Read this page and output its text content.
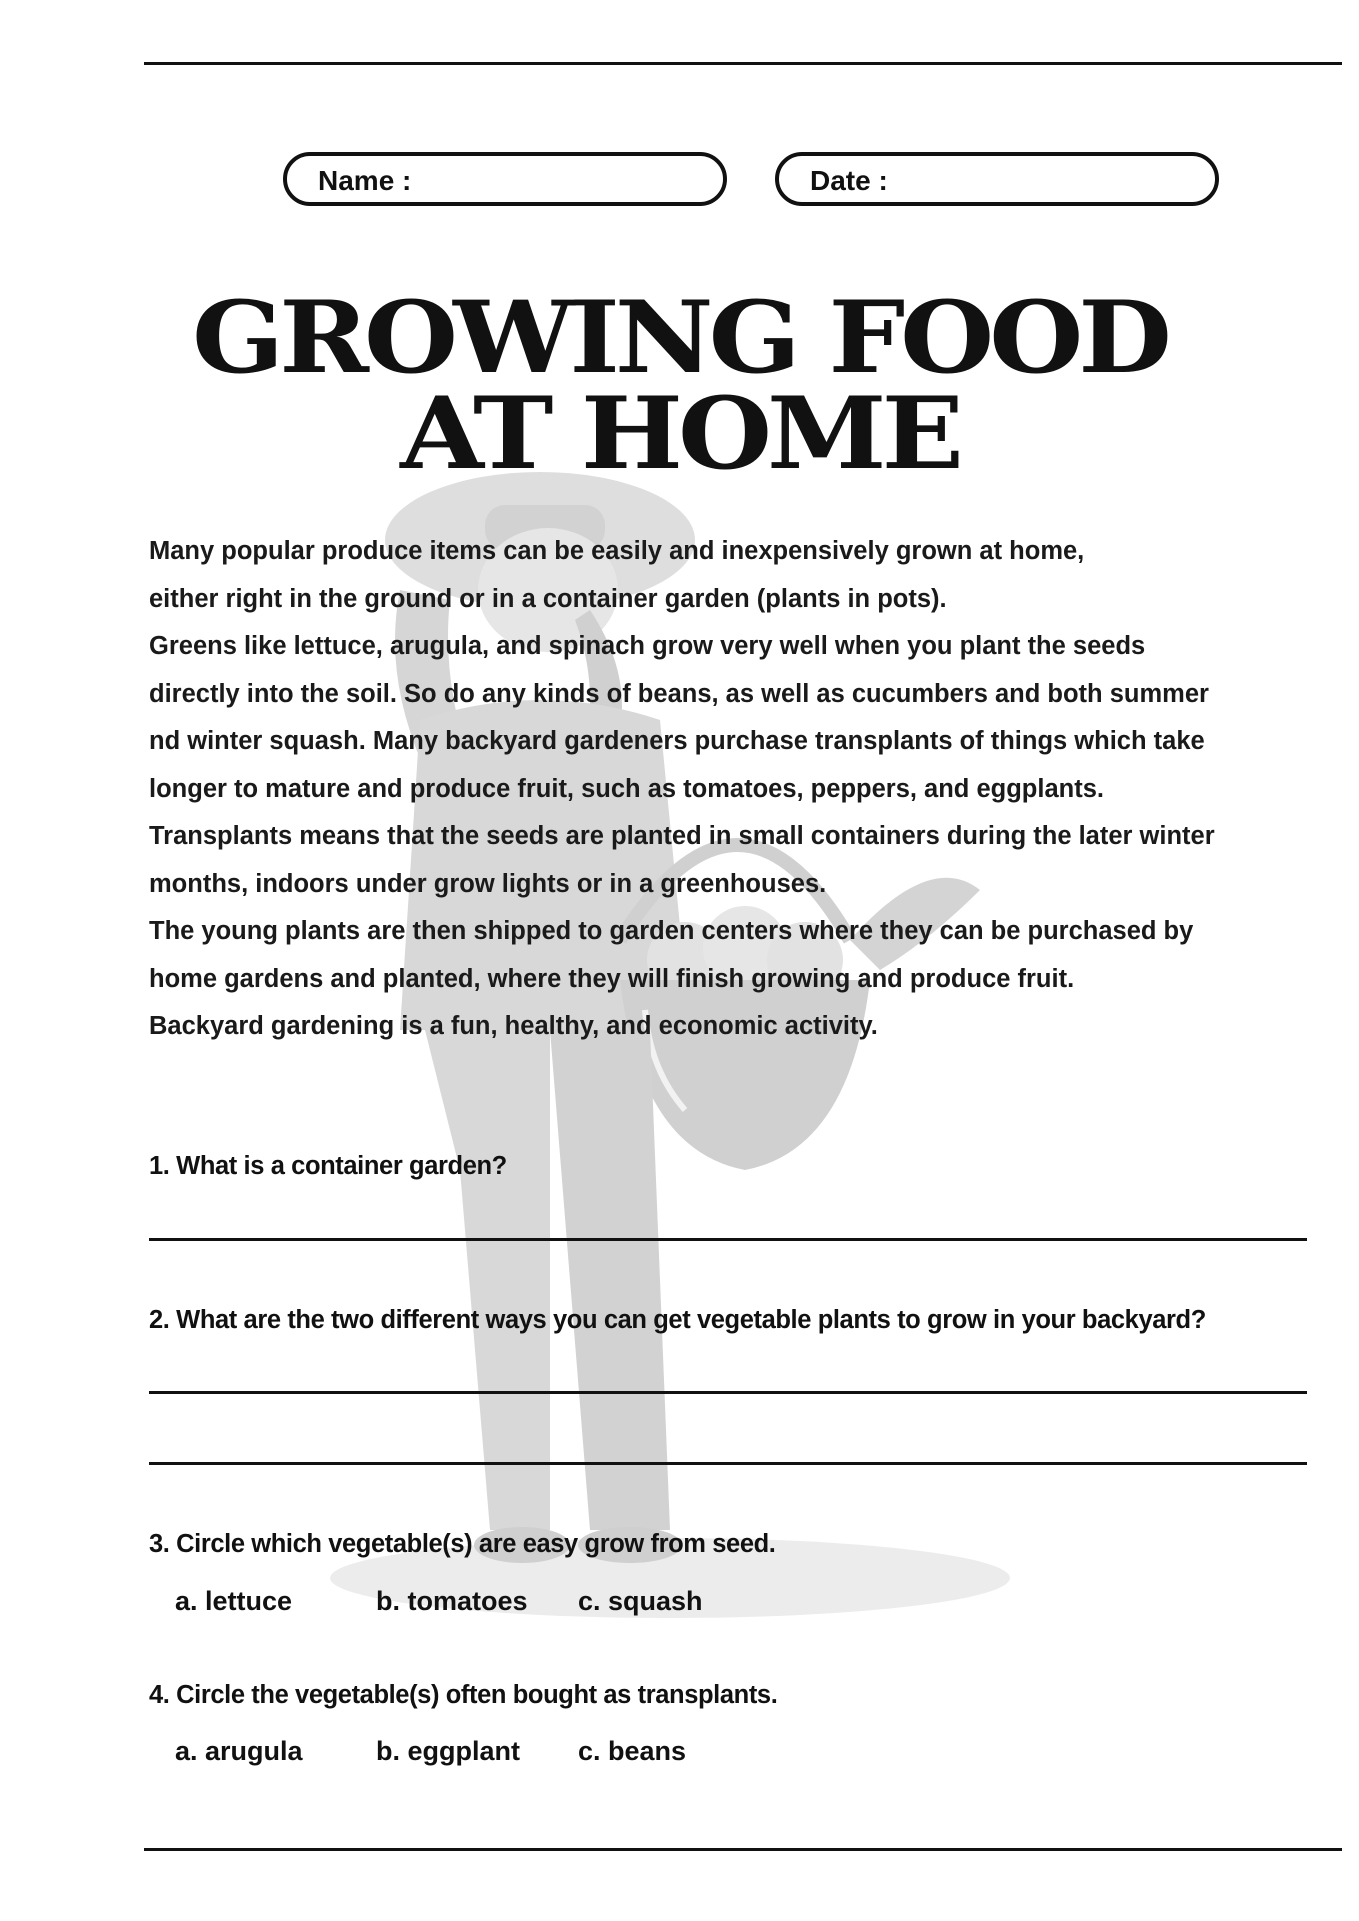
Name :	Date :
GROWING FOOD
AT HOME
Many popular produce items can be easily and inexpensively grown at home,
either right in the ground or in a container garden (plants in pots).
Greens like lettuce, arugula, and spinach grow very well when you plant the seeds
directly into the soil. So do any kinds of beans, as well as cucumbers and both summer
nd winter squash. Many backyard gardeners purchase transplants of things which take
longer to mature and produce fruit, such as tomatoes, peppers, and eggplants.
Transplants means that the seeds are planted in small containers during the later winter
months, indoors under grow lights or in a greenhouses.
The young plants are then shipped to garden centers where they can be purchased by
home gardens and planted, where they will finish growing and produce fruit.
Backyard gardening is a fun, healthy, and economic activity.
1. What is a container garden?
2. What are the two different ways you can get vegetable plants to grow in your backyard?
3. Circle which vegetable(s) are easy grow from seed.
a. lettuce	b. tomatoes c. squash
4. Circle the vegetable(s) often bought as transplants.
a. arugula	b. eggplant c. beans
